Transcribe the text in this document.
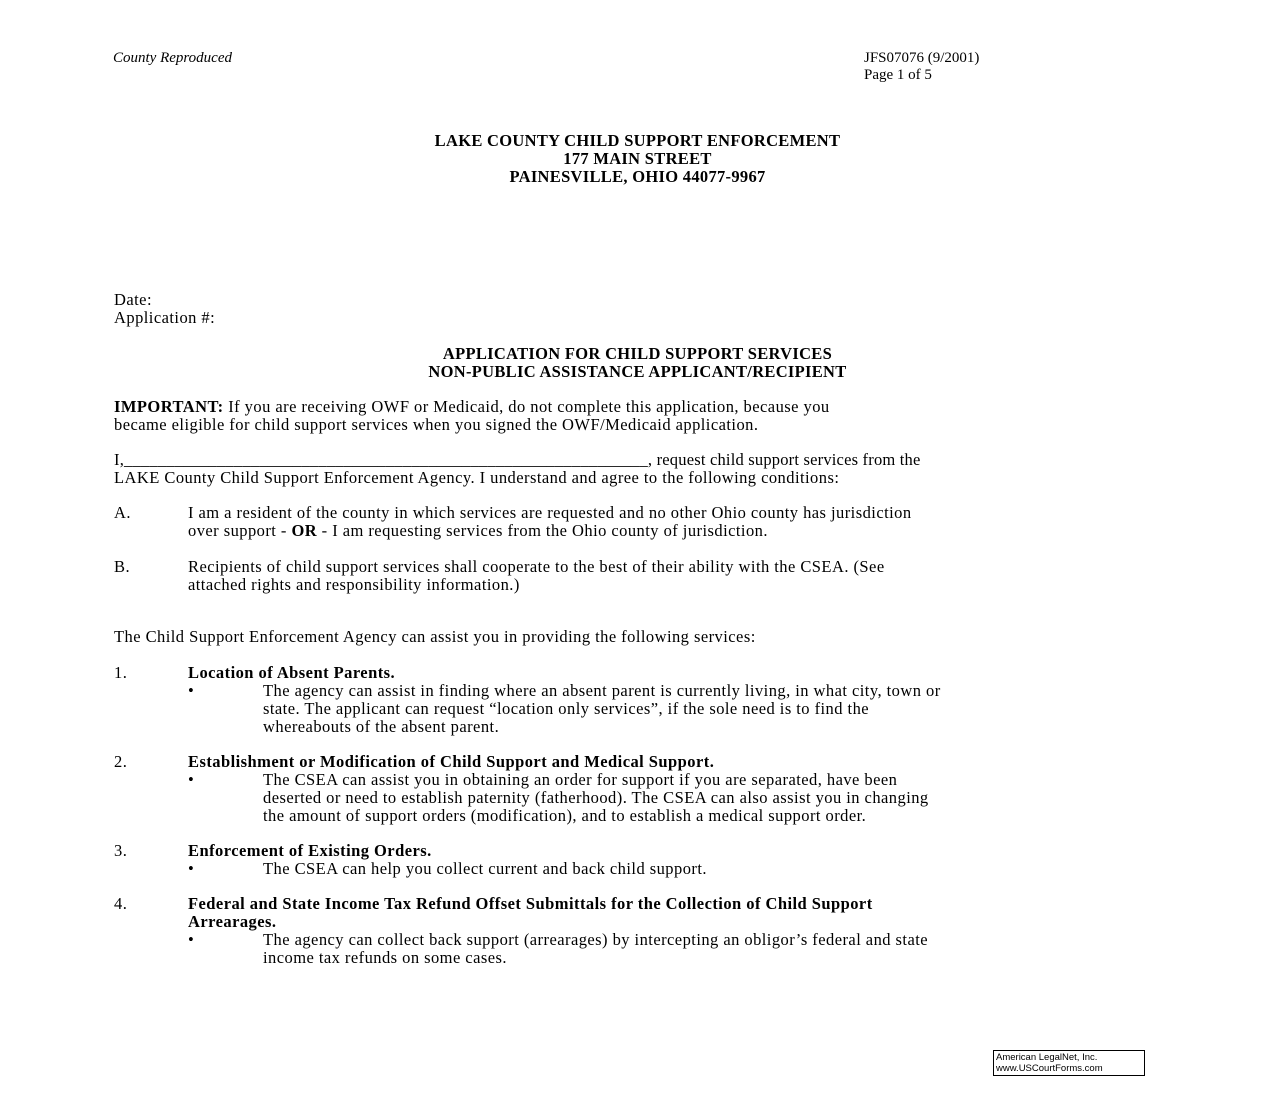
County Reproduced	JFS07076 (9/2001)
Page 1 of 5
LAKE COUNTY CHILD SUPPORT ENFORCEMENT
177 MAIN STREET
PAINESVILLE, OHIO 44077-9967
Date:
Application #:
APPLICATION FOR CHILD SUPPORT SERVICES
NON-PUBLIC ASSISTANCE APPLICANT/RECIPIENT
IMPORTANT: If you are receiving OWF or Medicaid, do not complete this application, because you
became eligible for child support services when you signed the OWF/Medicaid application.
I,______________________________________________________________, request child support services from the
LAKE County Child Support Enforcement Agency. I understand and agree to the following conditions:
A.	I am a resident of the county in which services are requested and no other Ohio county has jurisdiction
over support - OR - I am requesting services from the Ohio county of jurisdiction.
B.	Recipients of child support services shall cooperate to the best of their ability with the CSEA. (See
attached rights and responsibility information.)
The Child Support Enforcement Agency can assist you in providing the following services:
1.	Location of Absent Parents.
•	The agency can assist in finding where an absent parent is currently living, in what city, town or
state. The applicant can request “location only services”, if the sole need is to find the
whereabouts of the absent parent.
2.	Establishment or Modification of Child Support and Medical Support.
•	The CSEA can assist you in obtaining an order for support if you are separated, have been
deserted or need to establish paternity (fatherhood). The CSEA can also assist you in changing
the amount of support orders (modification), and to establish a medical support order.
3.	Enforcement of Existing Orders.
•	The CSEA can help you collect current and back child support.
4.	Federal and State Income Tax Refund Offset Submittals for the Collection of Child Support
Arrearages.
•	The agency can collect back support (arrearages) by intercepting an obligor’s federal and state
income tax refunds on some cases.
American LegalNet, Inc.
www.USCourtForms.com
